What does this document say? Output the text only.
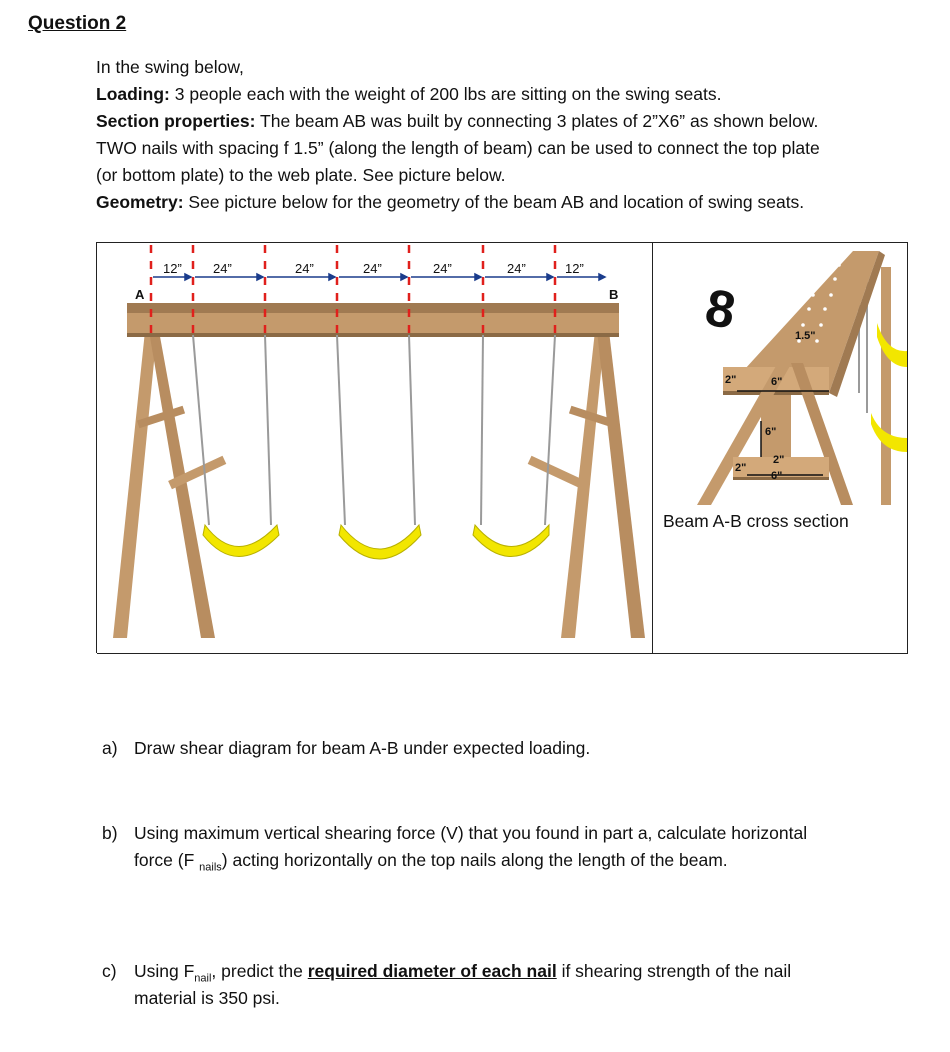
Question 2
In the swing below,
Loading: 3 people each with the weight of 200 lbs are sitting on the swing seats.
Section properties: The beam AB was built by connecting 3 plates of 2”X6” as shown below.
TWO nails with spacing f 1.5” (along the length of beam) can be used to connect the top plate
(or bottom plate) to the web plate. See picture below.
Geometry: See picture below for the geometry of the beam AB and location of swing seats.
12” 24”	24”	24”	24”	24”	12”
A	B 8	1.5"
2"	6"
6"
2"
2"
6"
Beam A-B cross section
a) Draw shear diagram for beam A-B under expected loading.
b) Using maximum vertical shearing force (V) that you found in part a, calculate horizontal
force (F $_{nails}$) acting horizontally on the top nails along the length of the beam.
c) Using $F_{nail}$, predict the required diameter of each nail if shearing strength of the nail
material is 350 psi.
